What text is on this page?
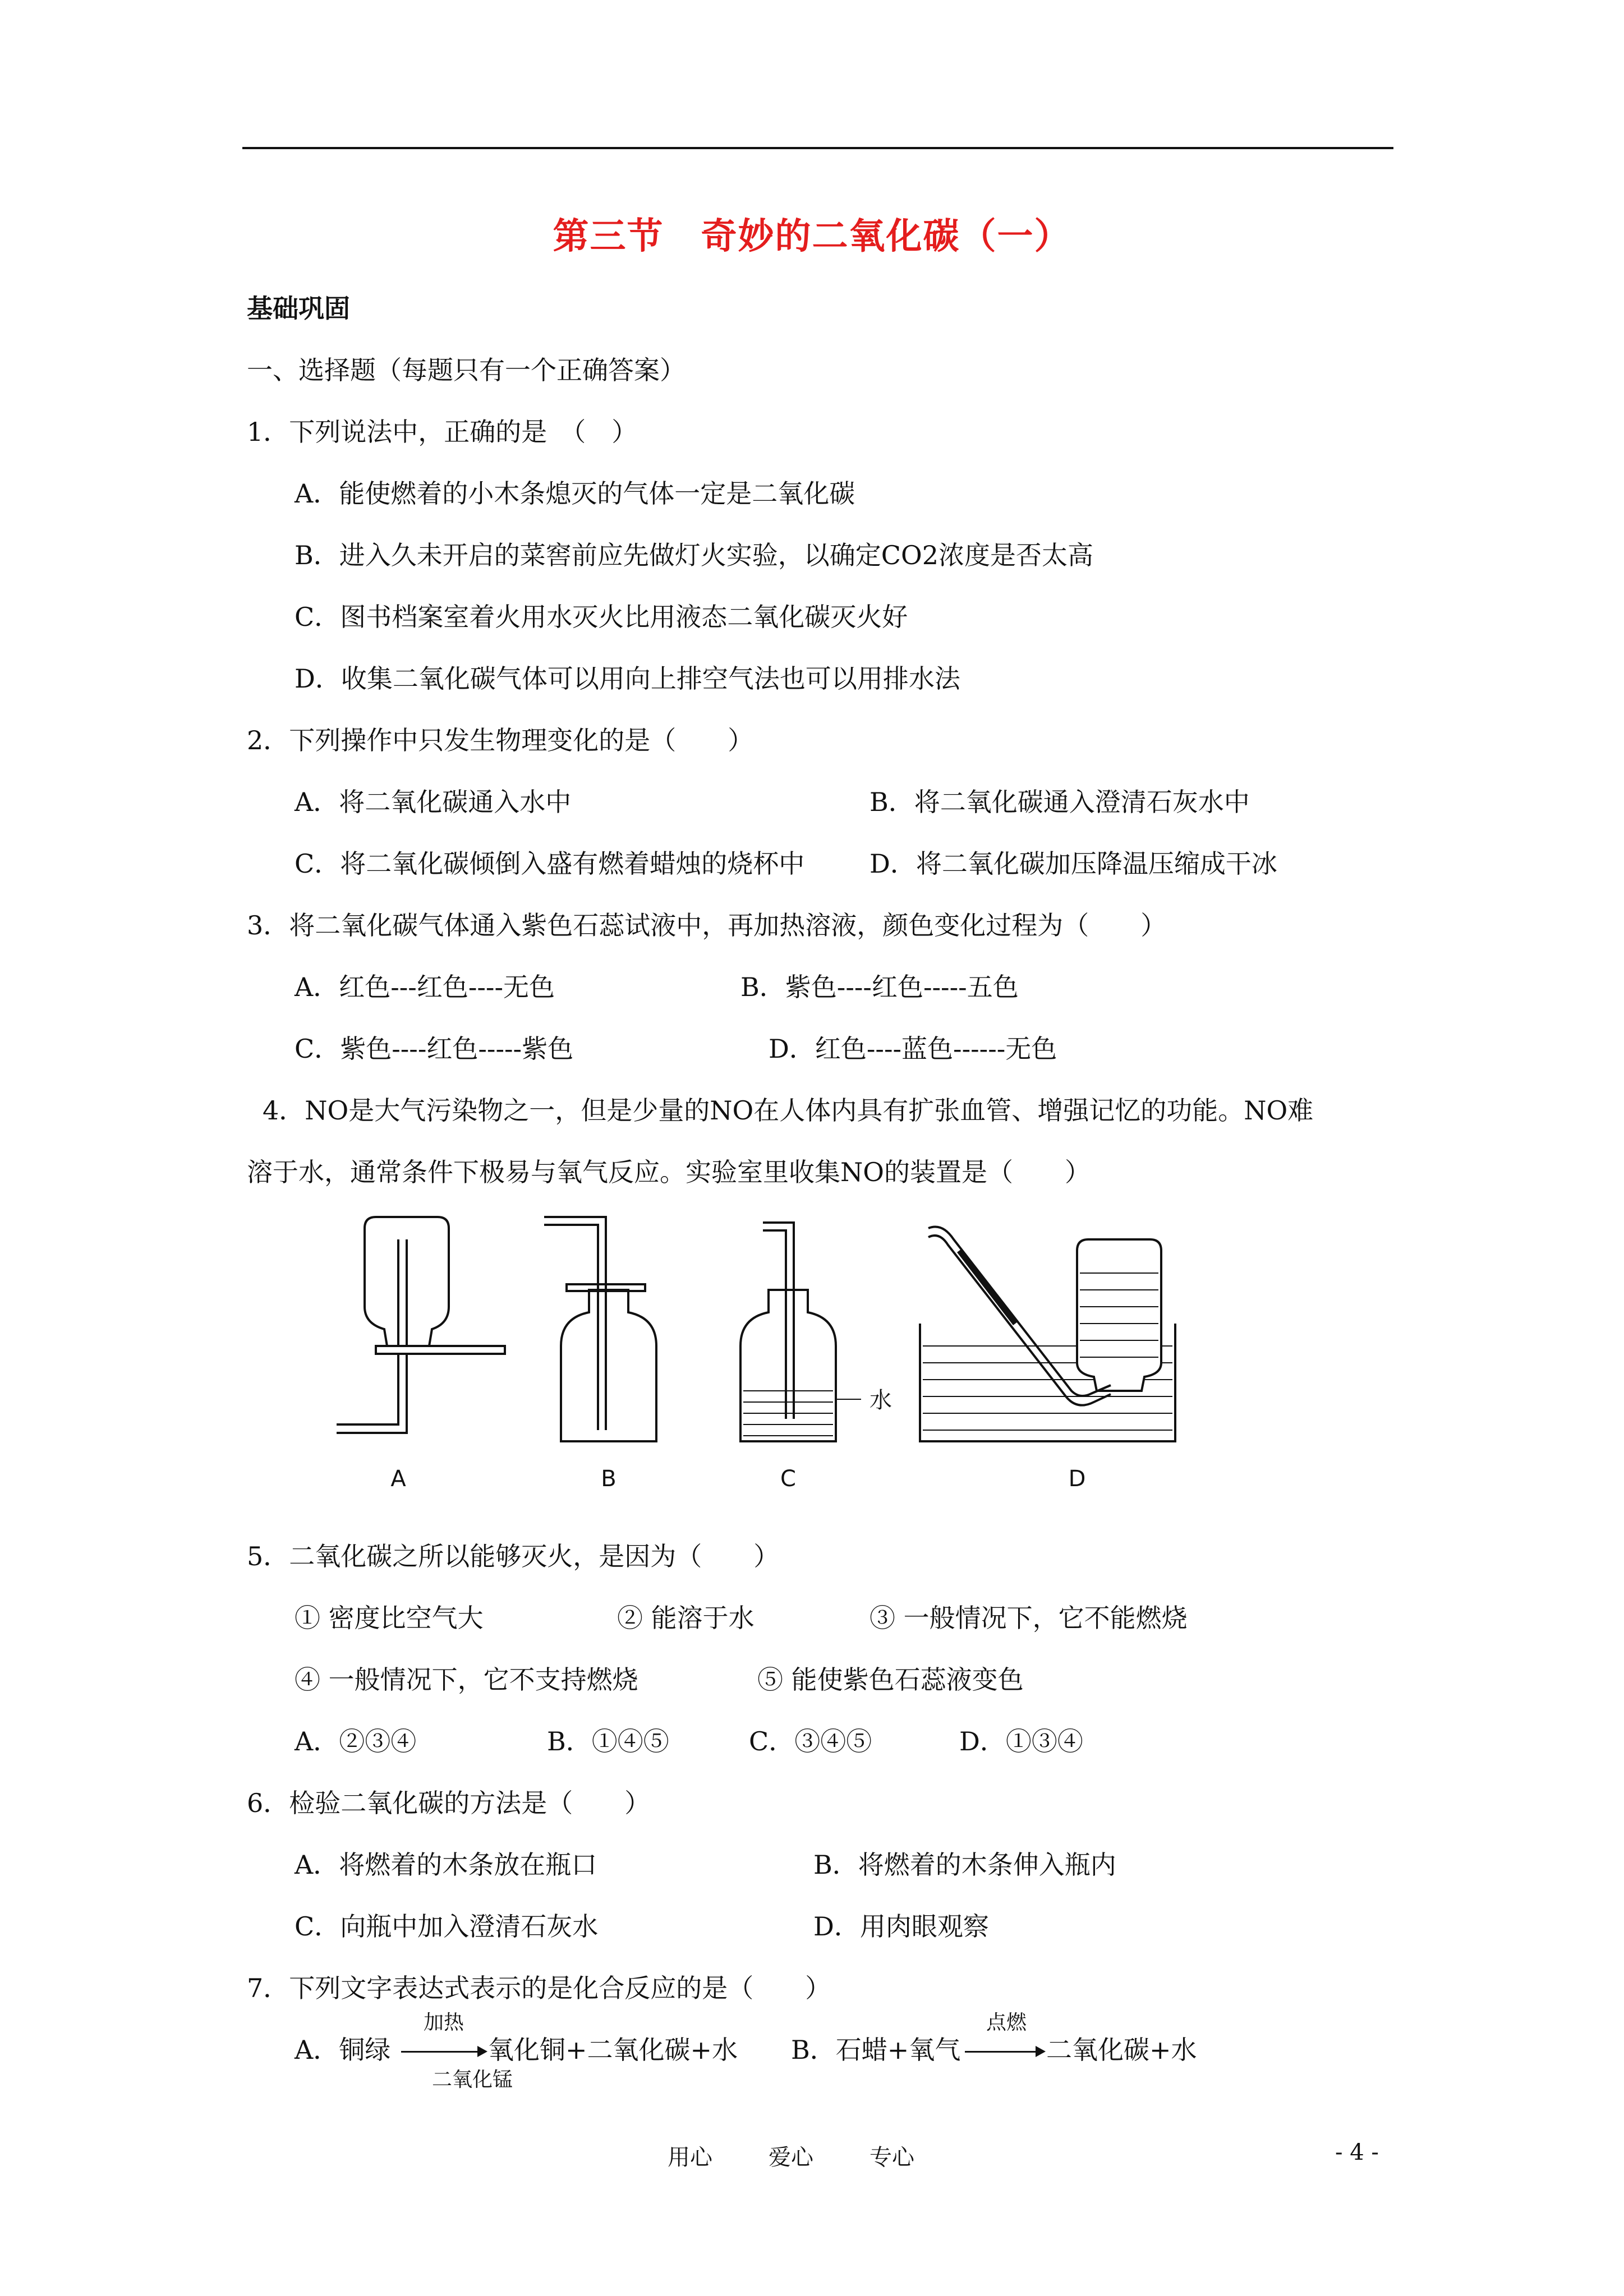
第三节　奇妙的二氧化碳（一）
基础巩固
一、选择题（每题只有一个正确答案）
1．下列说法中，正确的是　（　）
A．能使燃着的小木条熄灭的气体一定是二氧化碳
B．进入久未开启的菜窖前应先做灯火实验，以确定CO2浓度是否太高
C．图书档案室着火用水灭火比用液态二氧化碳灭火好
D．收集二氧化碳气体可以用向上排空气法也可以用排水法
2．下列操作中只发生物理变化的是（　　）
A．将二氧化碳通入水中	B．将二氧化碳通入澄清石灰水中
C．将二氧化碳倾倒入盛有燃着蜡烛的烧杯中	D．将二氧化碳加压降温压缩成干冰
3．将二氧化碳气体通入紫色石蕊试液中，再加热溶液，颜色变化过程为（　　）
A．红色---红色----无色	B．紫色----红色-----五色
C．紫色----红色-----紫色	D．红色----蓝色------无色
4．NO是大气污染物之一，但是少量的NO在人体内具有扩张血管、增强记忆的功能。NO难
溶于水，通常条件下极易与氧气反应。实验室里收集NO的装置是（　　）
A	B
水
C	D
5．二氧化碳之所以能够灭火，是因为（　　）
① 密度比空气大	② 能溶于水	③ 一般情况下，它不能燃烧
④ 一般情况下，它不支持燃烧	⑤ 能使紫色石蕊液变色
A．②③④	B．①④⑤	C．③④⑤	D．①③④
6．检验二氧化碳的方法是（　　）
A．将燃着的木条放在瓶口	B．将燃着的木条伸入瓶内
C．向瓶中加入澄清石灰水	D．用肉眼观察
7．下列文字表达式表示的是化合反应的是（　　）
A．铜绿
加热
二氧化锰
氧化铜+二氧化碳+水 B．石蜡+氧气
点燃
二氧化碳+水
用心	爱心	专心	- 4 -
